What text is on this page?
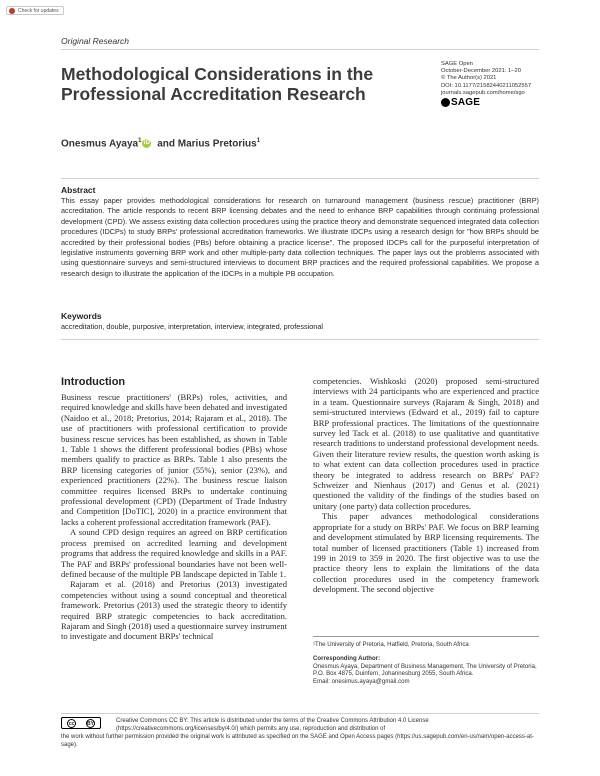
Check for updates
Original Research
Methodological Considerations in the Professional Accreditation Research
SAGE Open
October-December 2021: 1–20
© The Author(s) 2021
DOI: 10.1177/21582440211052557
journals.sagepub.com/home/sgo
SAGE
Onesmus Ayaya$^1$ iD and Marius Pretorius$^1$
Abstract
This essay paper provides methodological considerations for research on turnaround management (business rescue) practitioner (BRP) accreditation. The article responds to recent BRP licensing debates and the need to enhance BRP capabilities through continuing professional development (CPD). We assess existing data collection procedures using the practice theory and demonstrate sequenced integrated data collection procedures (IDCPs) to study BRPs' professional accreditation frameworks. We illustrate IDCPs using a research design for "how BRPs should be accredited by their professional bodies (PBs) before obtaining a practice license". The proposed IDCPs call for the purposeful interpretation of legislative instruments governing BRP work and other multiple-party data collection techniques. The paper lays out the problems associated with using questionnaire surveys and semi-structured interviews to document BRP practices and the required professional capabilities. We propose a research design to illustrate the application of the IDCPs in a multiple PB occupation.
Keywords
accreditation, double, purposive, interpretation, interview, integrated, professional
Introduction

Business rescue practitioners' (BRPs) roles, activities, and required knowledge and skills have been debated and investigated (Naidoo et al., 2018; Pretorius, 2014; Rajaram et al., 2018). The use of practitioners with professional certification to provide business rescue services has been established, as shown in Table 1. Table 1 shows the different professional bodies (PBs) whose members qualify to practice as BRPs. Table 1 also presents the BRP licensing categories of junior (55%), senior (23%), and experienced practitioners (22%). The business rescue liaison committee requires licensed BRPs to undertake continuing professional development (CPD) (Department of Trade Industry and Competition [DoTIC], 2020) in a practice environment that lacks a coherent professional accreditation framework (PAF).

A sound CPD design requires an agreed on BRP certification process premised on accredited learning and development programs that address the required knowledge and skills in a PAF. The PAF and BRPs' professional boundaries have not been well-defined because of the multiple PB landscape depicted in Table 1.

Rajaram et al. (2018) and Pretorius (2013) investigated competencies without using a sound conceptual and theoretical framework. Pretorius (2013) used the strategic theory to identify required BRP strategic competencies to back accreditation. Rajaram and Singh (2018) used a questionnaire survey instrument to investigate and document BRPs' technical

competencies. Wishkoski (2020) proposed semi-structured interviews with 24 participants who are experienced and practice in a team. Questionnaire surveys (Rajaram & Singh, 2018) and semi-structured interviews (Edward et al., 2019) fail to capture BRP professional practices. The limitations of the questionnaire survey led Tack et al. (2018) to use qualitative and quantitative research traditions to understand professional development needs. Given their literature review results, the question worth asking is to what extent can data collection procedures used in practice theory be integrated to address research on BRPs' PAF? Schweizer and Nienhaus (2017) and Genus et al. (2021) questioned the validity of the findings of the studies based on unitary (one party) data collection procedures.

This paper advances methodological considerations appropriate for a study on BRPs' PAF. We focus on BRP learning and development stimulated by BRP licensing requirements. The total number of licensed practitioners (Table 1) increased from 199 in 2019 to 359 in 2020. The first objective was to use the practice theory lens to explain the limitations of the data collection procedures used in the competency framework development. The second objective

¹The University of Pretoria, Hatfield, Pretoria, South Africa
Corresponding Author:
Onesmus Ayaya, Department of Business Management, The University of Pretoria, P.O. Box 4875, Duinfern, Johannesburg 2055, South Africa.
Email: onesimus.ayaya@gmail.com
cc	BY	Creative Commons CC BY: This article is distributed under the terms of the Creative Commons Attribution 4.0 License (https://creativecommons.org/licenses/by/4.0/) which permits any use, reproduction and distribution of
the work without further permission provided the original work is attributed as specified on the SAGE and Open Access pages (https://us.sagepub.com/en-us/nam/open-access-at-sage).
